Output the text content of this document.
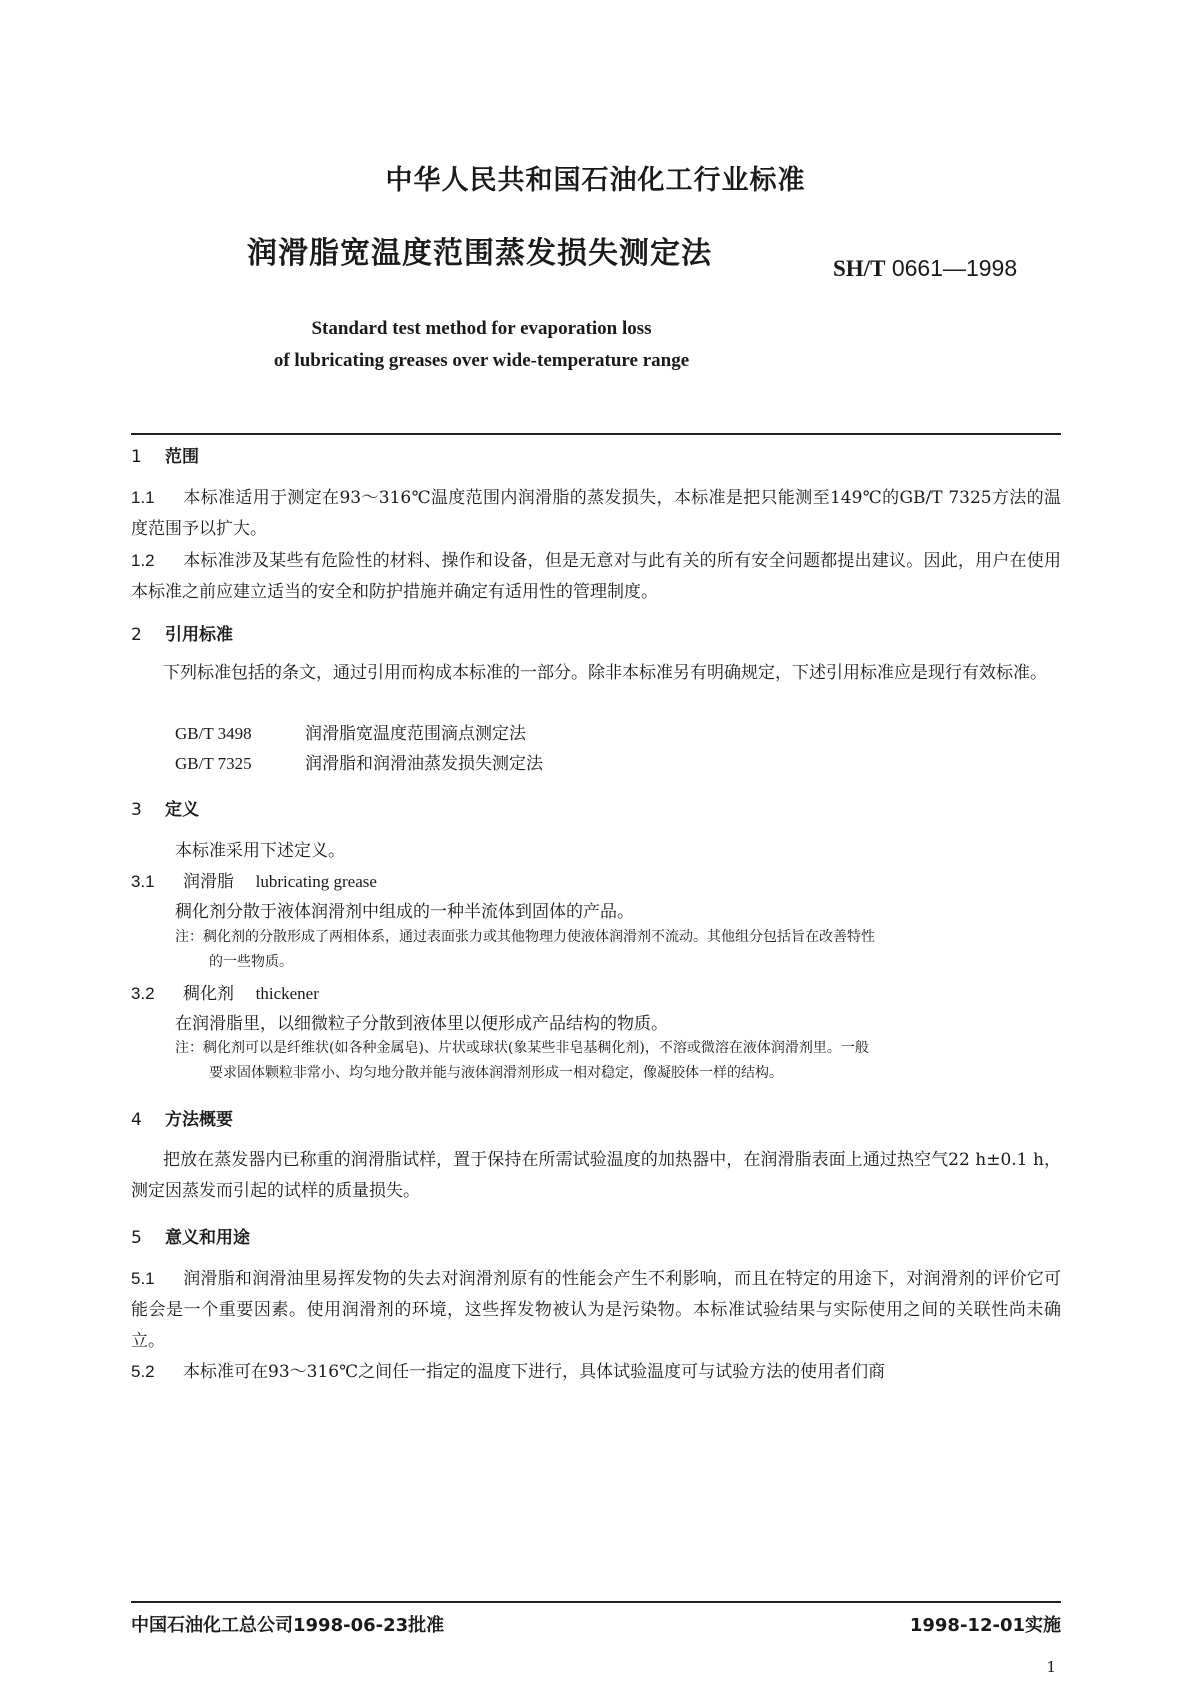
中华人民共和国石油化工行业标准
润滑脂宽温度范围蒸发损失测定法	SH/T 0661—1998
Standard test method for evaporation loss
of lubricating greases over wide-temperature range
1 范围
1.1 本标准适用于测定在93～316℃温度范围内润滑脂的蒸发损失，本标准是把只能测至149℃的GB/T 7325方法的温度范围予以扩大。
1.2 本标准涉及某些有危险性的材料、操作和设备，但是无意对与此有关的所有安全问题都提出建议。因此，用户在使用本标准之前应建立适当的安全和防护措施并确定有适用性的管理制度。
2 引用标准
下列标准包括的条文，通过引用而构成本标准的一部分。除非本标准另有明确规定，下述引用标准应是现行有效标准。
GB/T 3498	润滑脂宽温度范围滴点测定法
GB/T 7325	润滑脂和润滑油蒸发损失测定法
3 定义
本标准采用下述定义。
3.1 润滑脂 lubricating grease
稠化剂分散于液体润滑剂中组成的一种半流体到固体的产品。
注：稠化剂的分散形成了两相体系，通过表面张力或其他物理力使液体润滑剂不流动。其他组分包括旨在改善特性
的一些物质。
3.2 稠化剂 thickener
在润滑脂里，以细微粒子分散到液体里以便形成产品结构的物质。
注：稠化剂可以是纤维状(如各种金属皂)、片状或球状(象某些非皂基稠化剂)，不溶或微溶在液体润滑剂里。一般
要求固体颗粒非常小、均匀地分散并能与液体润滑剂形成一相对稳定，像凝胶体一样的结构。
4 方法概要
把放在蒸发器内已称重的润滑脂试样，置于保持在所需试验温度的加热器中，在润滑脂表面上通过热空气22 h±0.1 h，测定因蒸发而引起的试样的质量损失。
5 意义和用途
5.1 润滑脂和润滑油里易挥发物的失去对润滑剂原有的性能会产生不利影响，而且在特定的用途下，对润滑剂的评价它可能会是一个重要因素。使用润滑剂的环境，这些挥发物被认为是污染物。本标准试验结果与实际使用之间的关联性尚未确立。
5.2 本标准可在93～316℃之间任一指定的温度下进行，具体试验温度可与试验方法的使用者们商
中国石油化工总公司1998-06-23批准	1998-12-01实施
1
